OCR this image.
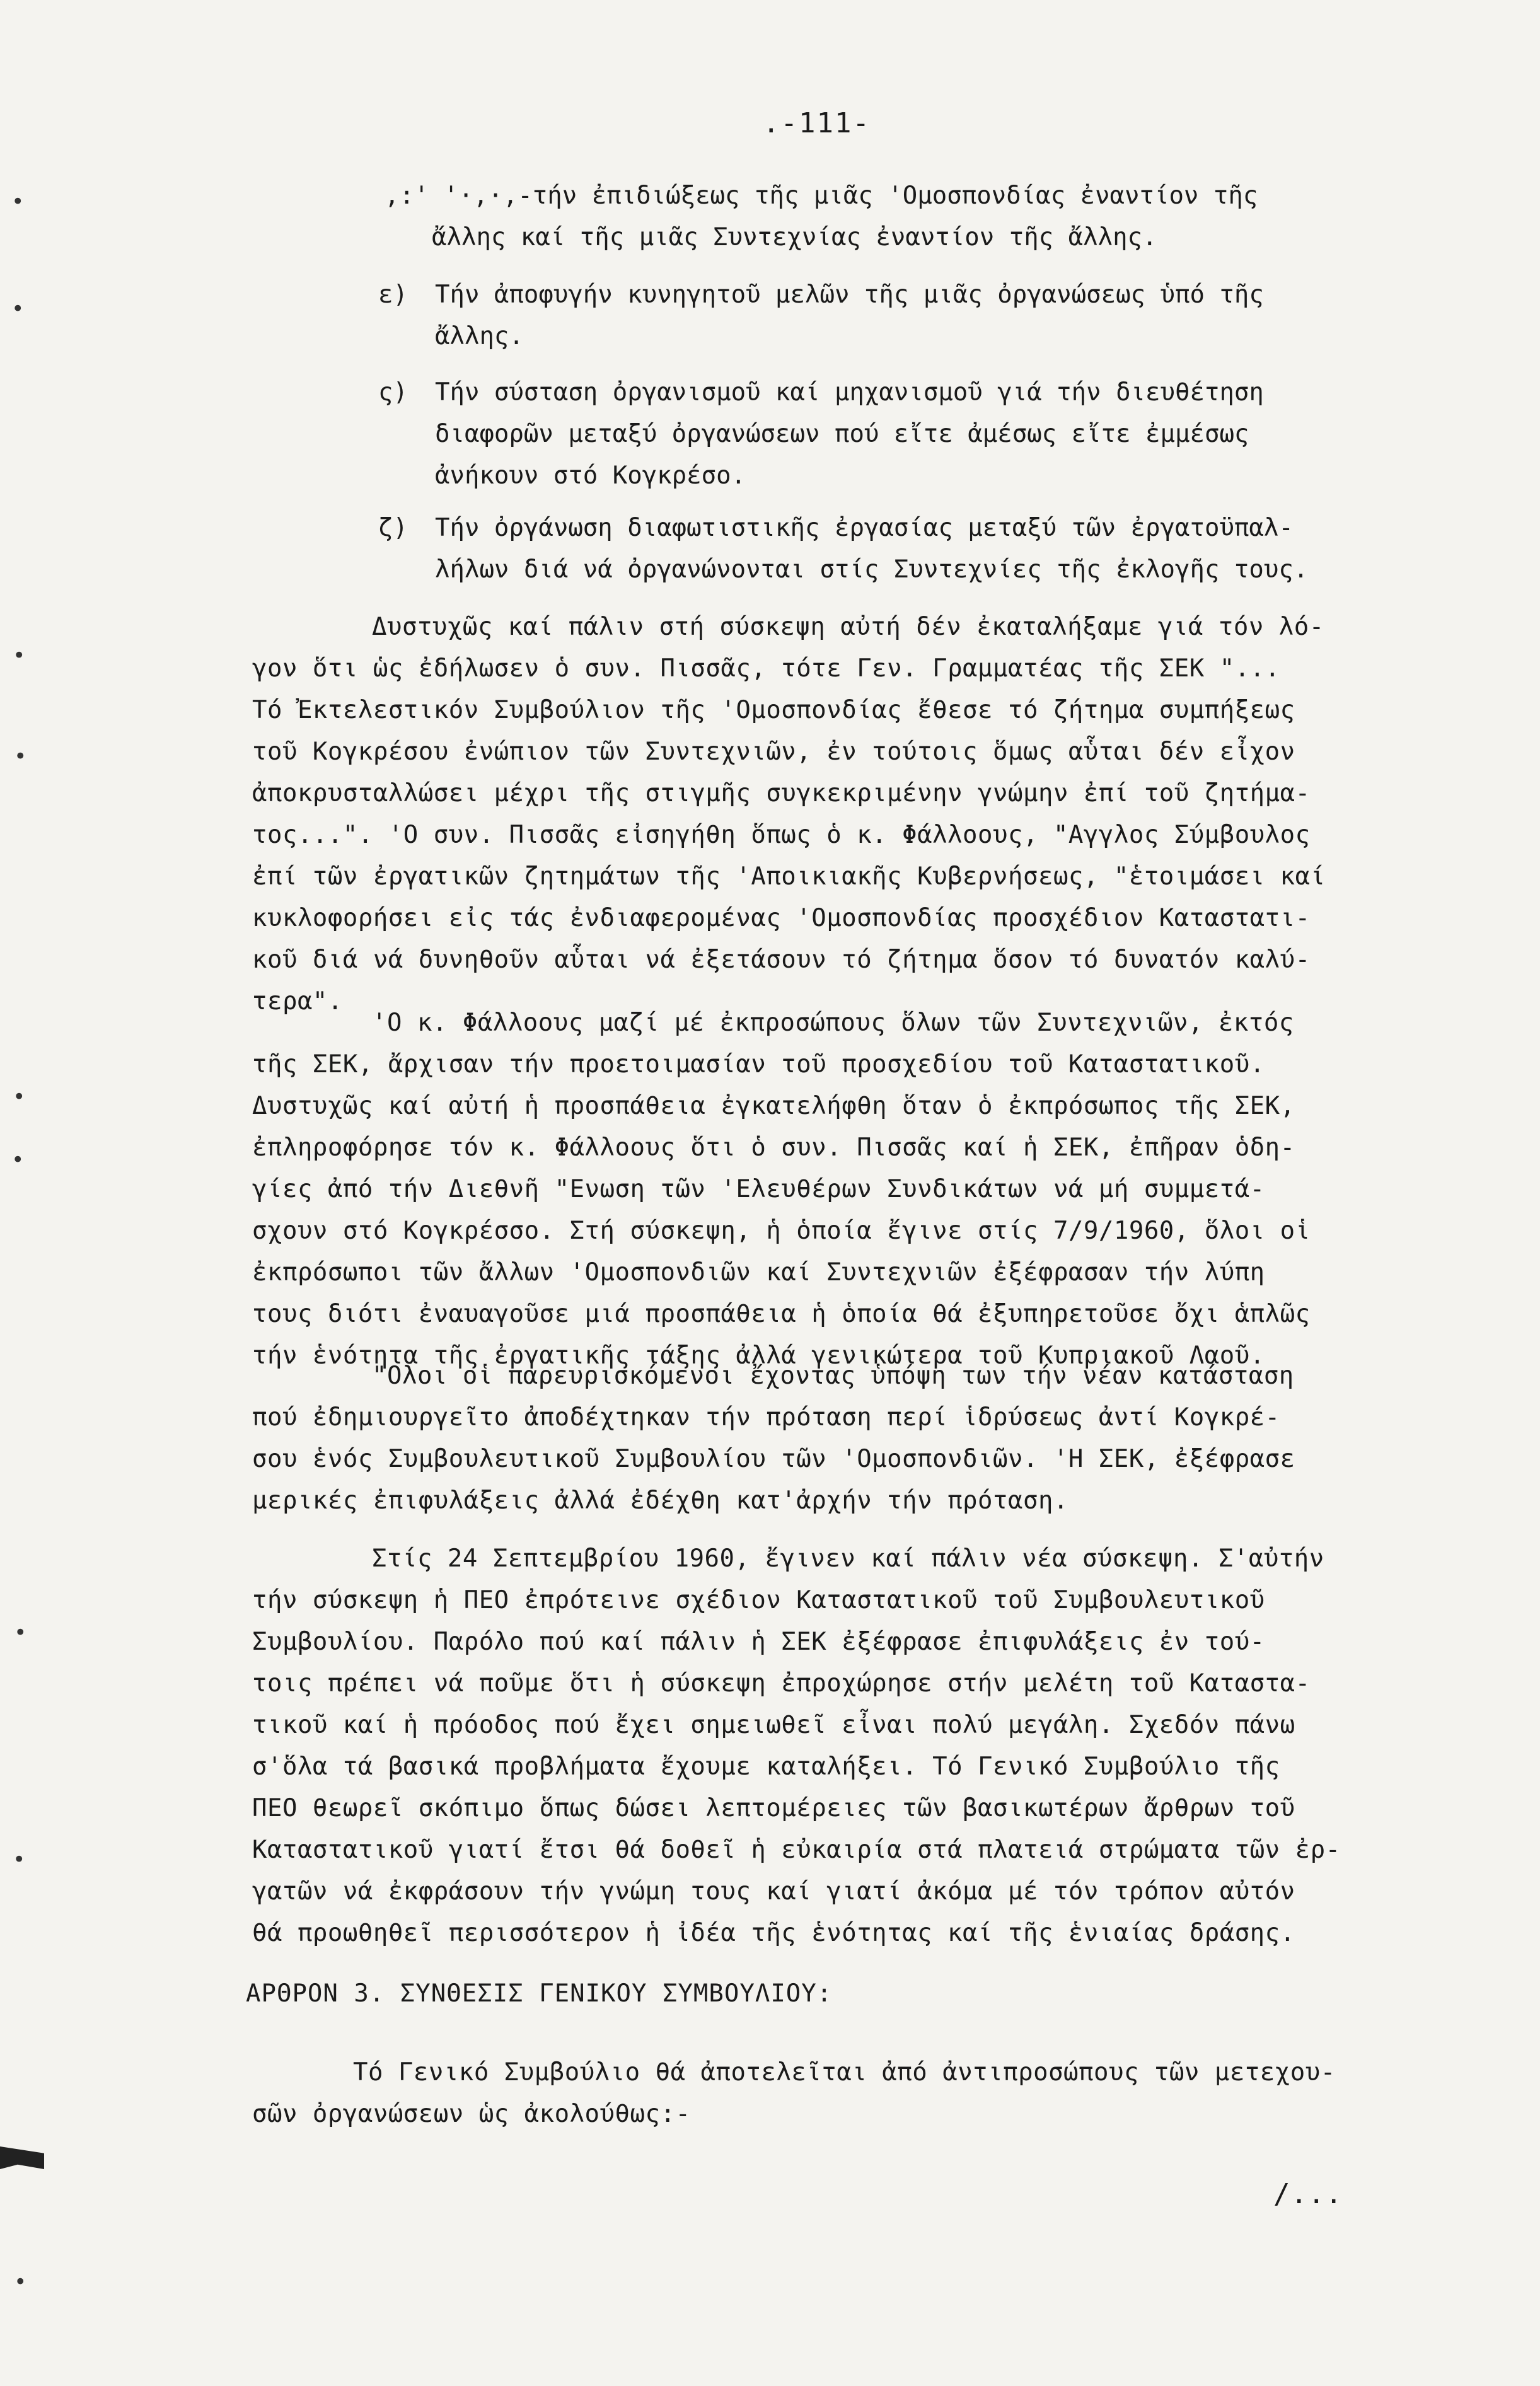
.-111-
,:' '·,·,-τήν ἐπιδιώξεως τῆς μιᾶς 'Ομοσπονδίας ἐναντίον τῆς
ἄλλης καί τῆς μιᾶς Συντεχνίας ἐναντίον τῆς ἄλλης.
ε) Τήν ἀποφυγήν κυνηγητοῦ μελῶν τῆς μιᾶς ὀργανώσεως ὑπό τῆς
ἄλλης.
ς) Τήν σύσταση ὀργανισμοῦ καί μηχανισμοῦ γιά τήν διευθέτηση
διαφορῶν μεταξύ ὀργανώσεων πού εἴτε ἀμέσως εἴτε ἐμμέσως
ἀνήκουν στό Κογκρέσο.
ζ) Τήν ὀργάνωση διαφωτιστικῆς ἐργασίας μεταξύ τῶν ἐργατοϋπαλ-
λήλων διά νά ὀργανώνονται στίς Συντεχνίες τῆς ἐκλογῆς τους.
Δυστυχῶς καί πάλιν στή σύσκεψη αὐτή δέν ἐκαταλήξαμε γιά τόν λό-
γον ὅτι ὡς ἐδήλωσεν ὁ συν. Πισσᾶς, τότε Γεν. Γραμματέας τῆς ΣΕΚ "...
Τό Ἐκτελεστικόν Συμβούλιον τῆς 'Ομοσπονδίας ἔθεσε τό ζήτημα συμπήξεως
τοῦ Κογκρέσου ἐνώπιον τῶν Συντεχνιῶν, ἐν τούτοις ὅμως αὗται δέν εἶχον
ἀποκρυσταλλώσει μέχρι τῆς στιγμῆς συγκεκριμένην γνώμην ἐπί τοῦ ζητήμα-
τος...". 'Ο συν. Πισσᾶς εἰσηγήθη ὅπως ὁ κ. Φάλλοους, "Αγγλος Σύμβουλος
ἐπί τῶν ἐργατικῶν ζητημάτων τῆς 'Αποικιακῆς Κυβερνήσεως, "ἑτοιμάσει καί
κυκλοφορήσει εἰς τάς ἐνδιαφερομένας 'Ομοσπονδίας προσχέδιον Καταστατι-
κοῦ διά νά δυνηθοῦν αὗται νά ἐξετάσουν τό ζήτημα ὅσον τό δυνατόν καλύ-
τερα".
'Ο κ. Φάλλοους μαζί μέ ἐκπροσώπους ὅλων τῶν Συντεχνιῶν, ἐκτός
τῆς ΣΕΚ, ἄρχισαν τήν προετοιμασίαν τοῦ προσχεδίου τοῦ Καταστατικοῦ.
Δυστυχῶς καί αὐτή ἡ προσπάθεια ἐγκατελήφθη ὅταν ὁ ἐκπρόσωπος τῆς ΣΕΚ,
ἐπληροφόρησε τόν κ. Φάλλοους ὅτι ὁ συν. Πισσᾶς καί ἡ ΣΕΚ, ἐπῆραν ὁδη-
γίες ἀπό τήν Διεθνῆ "Ενωση τῶν 'Ελευθέρων Συνδικάτων νά μή συμμετά-
σχουν στό Κογκρέσσο. Στή σύσκεψη, ἡ ὁποία ἔγινε στίς 7/9/1960, ὅλοι οἱ
ἐκπρόσωποι τῶν ἄλλων 'Ομοσπονδιῶν καί Συντεχνιῶν ἐξέφρασαν τήν λύπη
τους διότι ἐναυαγοῦσε μιά προσπάθεια ἡ ὁποία θά ἐξυπηρετοῦσε ὄχι ἁπλῶς
τήν ἑνότητα τῆς ἐργατικῆς τάξης ἀλλά γενικώτερα τοῦ Κυπριακοῦ Λαοῦ.
"Ολοι οἱ παρευρισκόμενοι ἔχοντας ὑπόψη των τήν νέαν κατάσταση
πού ἐδημιουργεῖτο ἀποδέχτηκαν τήν πρόταση περί ἱδρύσεως ἀντί Κογκρέ-
σου ἑνός Συμβουλευτικοῦ Συμβουλίου τῶν 'Ομοσπονδιῶν. 'Η ΣΕΚ, ἐξέφρασε
μερικές ἐπιφυλάξεις ἀλλά ἐδέχθη κατ'ἀρχήν τήν πρόταση.
Στίς 24 Σεπτεμβρίου 1960, ἔγινεν καί πάλιν νέα σύσκεψη. Σ'αὐτήν
τήν σύσκεψη ἡ ΠΕΟ ἐπρότεινε σχέδιον Καταστατικοῦ τοῦ Συμβουλευτικοῦ
Συμβουλίου. Παρόλο πού καί πάλιν ἡ ΣΕΚ ἐξέφρασε ἐπιφυλάξεις ἐν τού-
τοις πρέπει νά ποῦμε ὅτι ἡ σύσκεψη ἐπροχώρησε στήν μελέτη τοῦ Καταστα-
τικοῦ καί ἡ πρόοδος πού ἔχει σημειωθεῖ εἶναι πολύ μεγάλη. Σχεδόν πάνω
σ'ὅλα τά βασικά προβλήματα ἔχουμε καταλήξει. Τό Γενικό Συμβούλιο τῆς
ΠΕΟ θεωρεῖ σκόπιμο ὅπως δώσει λεπτομέρειες τῶν βασικωτέρων ἄρθρων τοῦ
Καταστατικοῦ γιατί ἔτσι θά δοθεῖ ἡ εὐκαιρία στά πλατειά στρώματα τῶν ἐρ-
γατῶν νά ἐκφράσουν τήν γνώμη τους καί γιατί ἀκόμα μέ τόν τρόπον αὐτόν
θά προωθηθεῖ περισσότερον ἡ ἰδέα τῆς ἑνότητας καί τῆς ἑνιαίας δράσης.
ΑΡΘΡΟΝ 3. ΣΥΝΘΕΣΙΣ ΓΕΝΙΚΟΥ ΣΥΜΒΟΥΛΙΟΥ:
Τό Γενικό Συμβούλιο θά ἀποτελεῖται ἀπό ἀντιπροσώπους τῶν μετεχου-
σῶν ὀργανώσεων ὡς ἀκολούθως:-
/...
•
•
•
•
•
•
•
•
•
